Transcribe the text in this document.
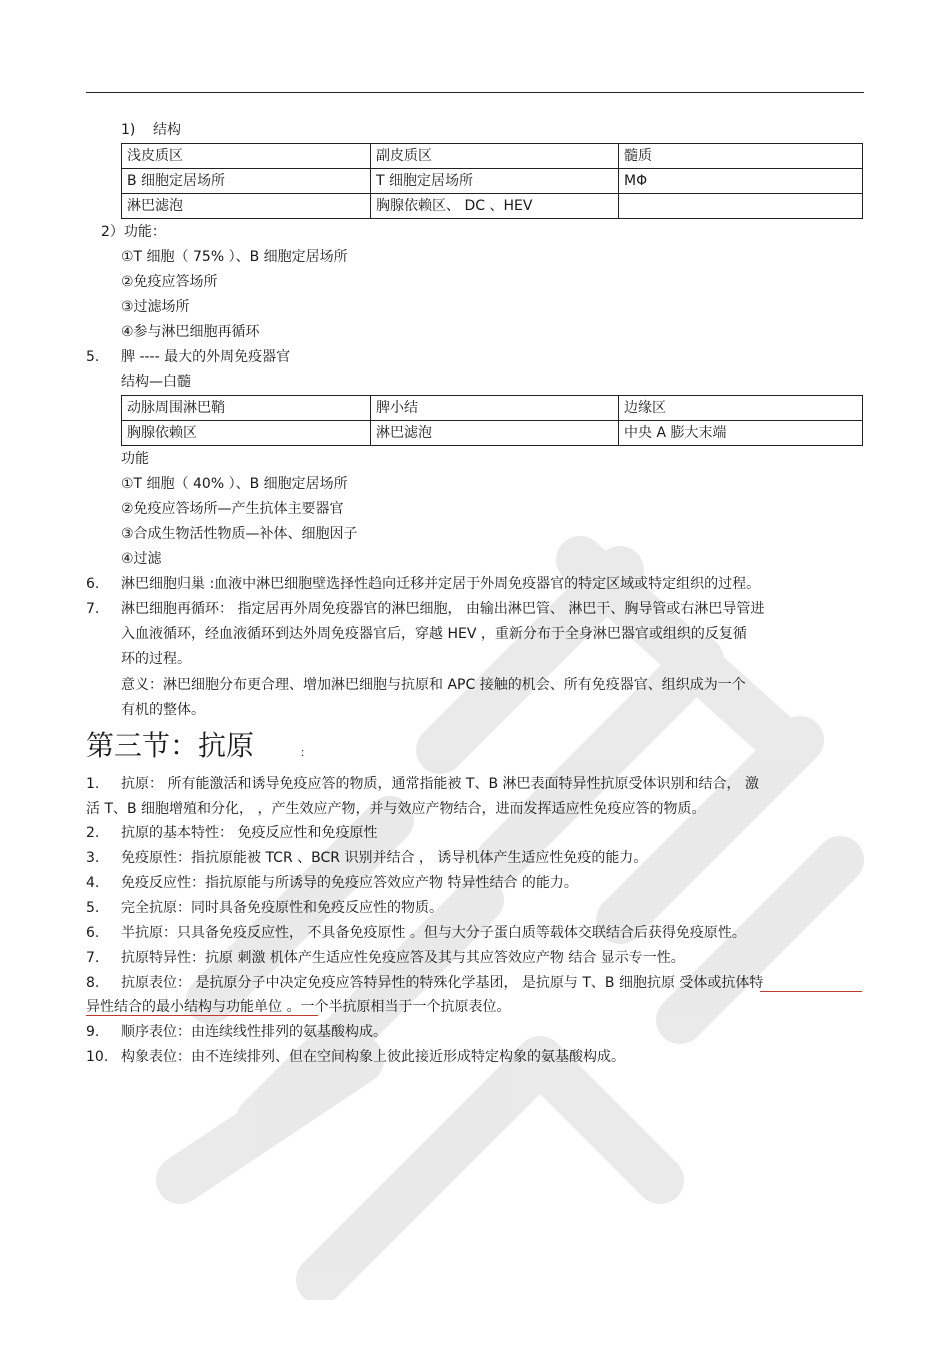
1) 结构
浅皮质区	副皮质区	髓质
B 细胞定居场所	T 细胞定居场所	MΦ
淋巴滤泡	胸腺依赖区、 DC 、HEV	
2）功能：
①T 细胞（ 75% ）、B 细胞定居场所
②免疫应答场所
③过滤场所
④参与淋巴细胞再循环
5. 脾 ---- 最大的外周免疫器官
结构—白髓
动脉周围淋巴鞘	脾小结	边缘区
胸腺依赖区	淋巴滤泡	中央 A 膨大末端
功能
①T 细胞（ 40% ）、B 细胞定居场所
②免疫应答场所—产生抗体主要器官
③合成生物活性物质—补体、细胞因子
④过滤
6. 淋巴细胞归巢 :血液中淋巴细胞壁选择性趋向迁移并定居于外周免疫器官的特定区域或特定组织的过程。
7. 淋巴细胞再循环： 指定居再外周免疫器官的淋巴细胞， 由输出淋巴管、 淋巴干、胸导管或右淋巴导管进
入血液循环，经血液循环到达外周免疫器官后，穿越 HEV ，重新分布于全身淋巴器官或组织的反复循
环的过程。
意义：淋巴细胞分布更合理、增加淋巴细胞与抗原和 APC 接触的机会、所有免疫器官、组织成为一个
有机的整体。
第三节：抗原	：
1. 抗原： 所有能激活和诱导免疫应答的物质，通常指能被 T、B 淋巴表面特异性抗原受体识别和结合， 激
活 T、B 细胞增殖和分化， ，产生效应产物，并与效应产物结合，进而发挥适应性免疫应答的物质。
2. 抗原的基本特性： 免疫反应性和免疫原性
3. 免疫原性：指抗原能被 TCR 、BCR 识别并结合 ， 诱导机体产生适应性免疫的能力。
4. 免疫反应性：指抗原能与所诱导的免疫应答效应产物 特异性结合 的能力。
5. 完全抗原：同时具备免疫原性和免疫反应性的物质。
6. 半抗原：只具备免疫反应性， 不具备免疫原性 。但与大分子蛋白质等载体交联结合后获得免疫原性。
7. 抗原特异性：抗原 刺激 机体产生适应性免疫应答及其与其应答效应产物 结合 显示专一性。
8. 抗原表位： 是抗原分子中决定免疫应答特异性的特殊化学基团， 是抗原与 T、B 细胞抗原 受体或抗体特
异性结合的最小结构与功能单位 。一个半抗原相当于一个抗原表位。
9. 顺序表位：由连续线性排列的氨基酸构成。
10. 构象表位：由不连续排列、但在空间构象上彼此接近形成特定构象的氨基酸构成。
